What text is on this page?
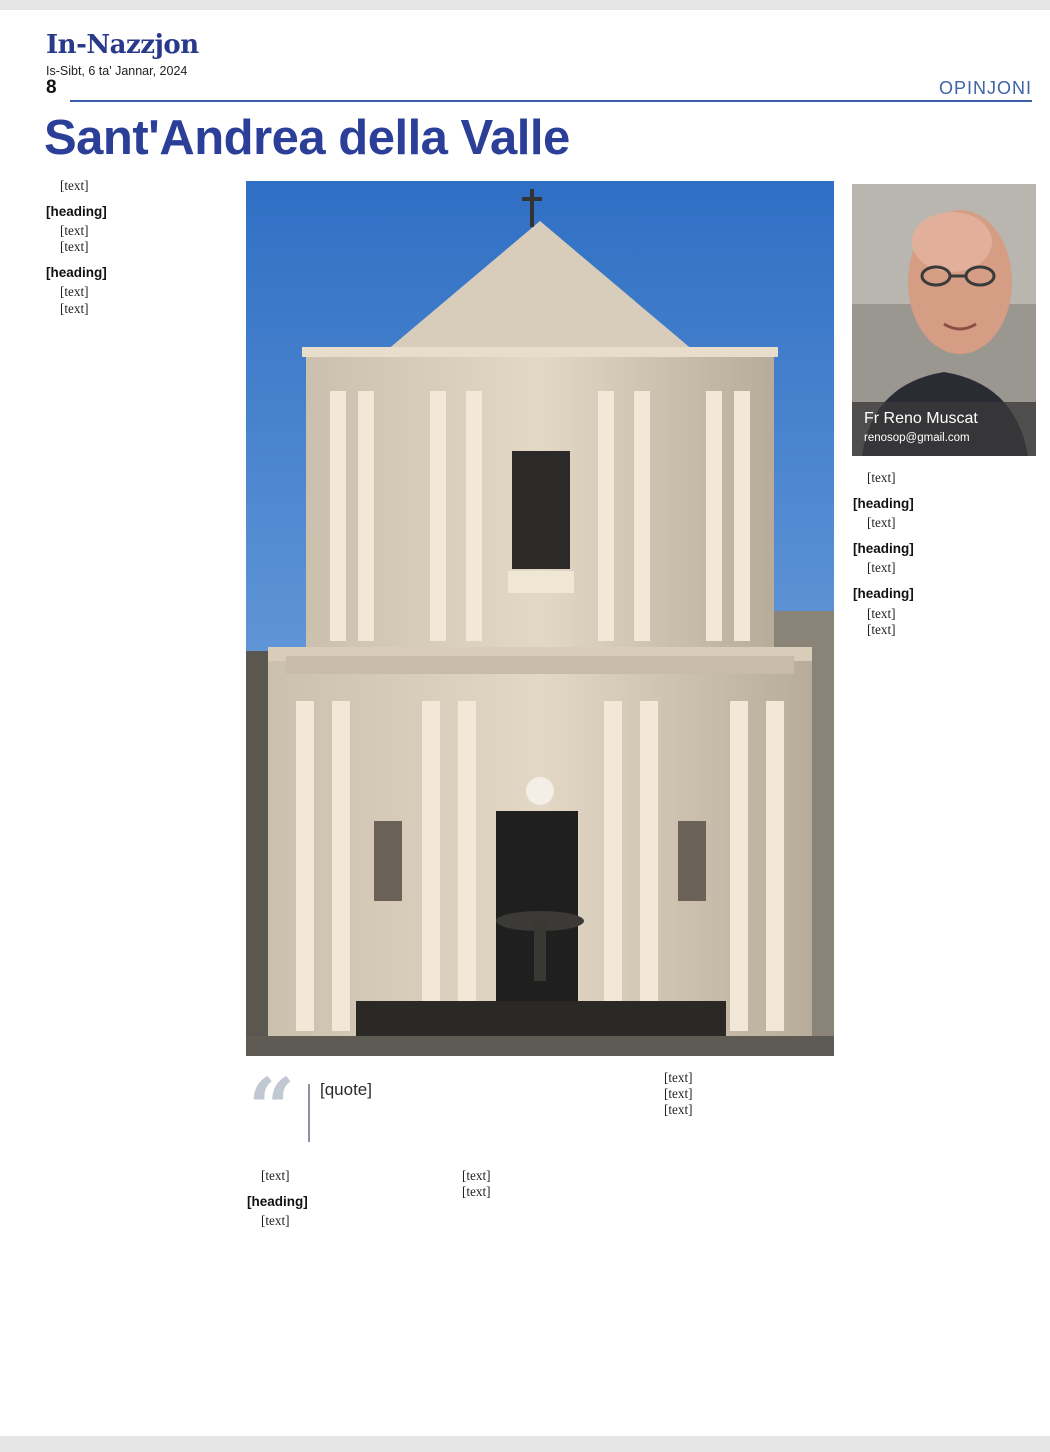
In-Nazzjon
Is-Sibt, 6 ta' Jannar, 2024
8	OPINJONI
Sant'Andrea della Valle

[text]

[heading]

[text]

[text]

[heading]

[text]

[text]

Fr Reno Muscat
renosop@gmail.com

[text]

[heading]

[text]

[heading]

[text]

[heading]

[text]

[text]

“ [quote]

[text]

[heading]

[text]

[text]

[text]

[text]

[text]

[text]
